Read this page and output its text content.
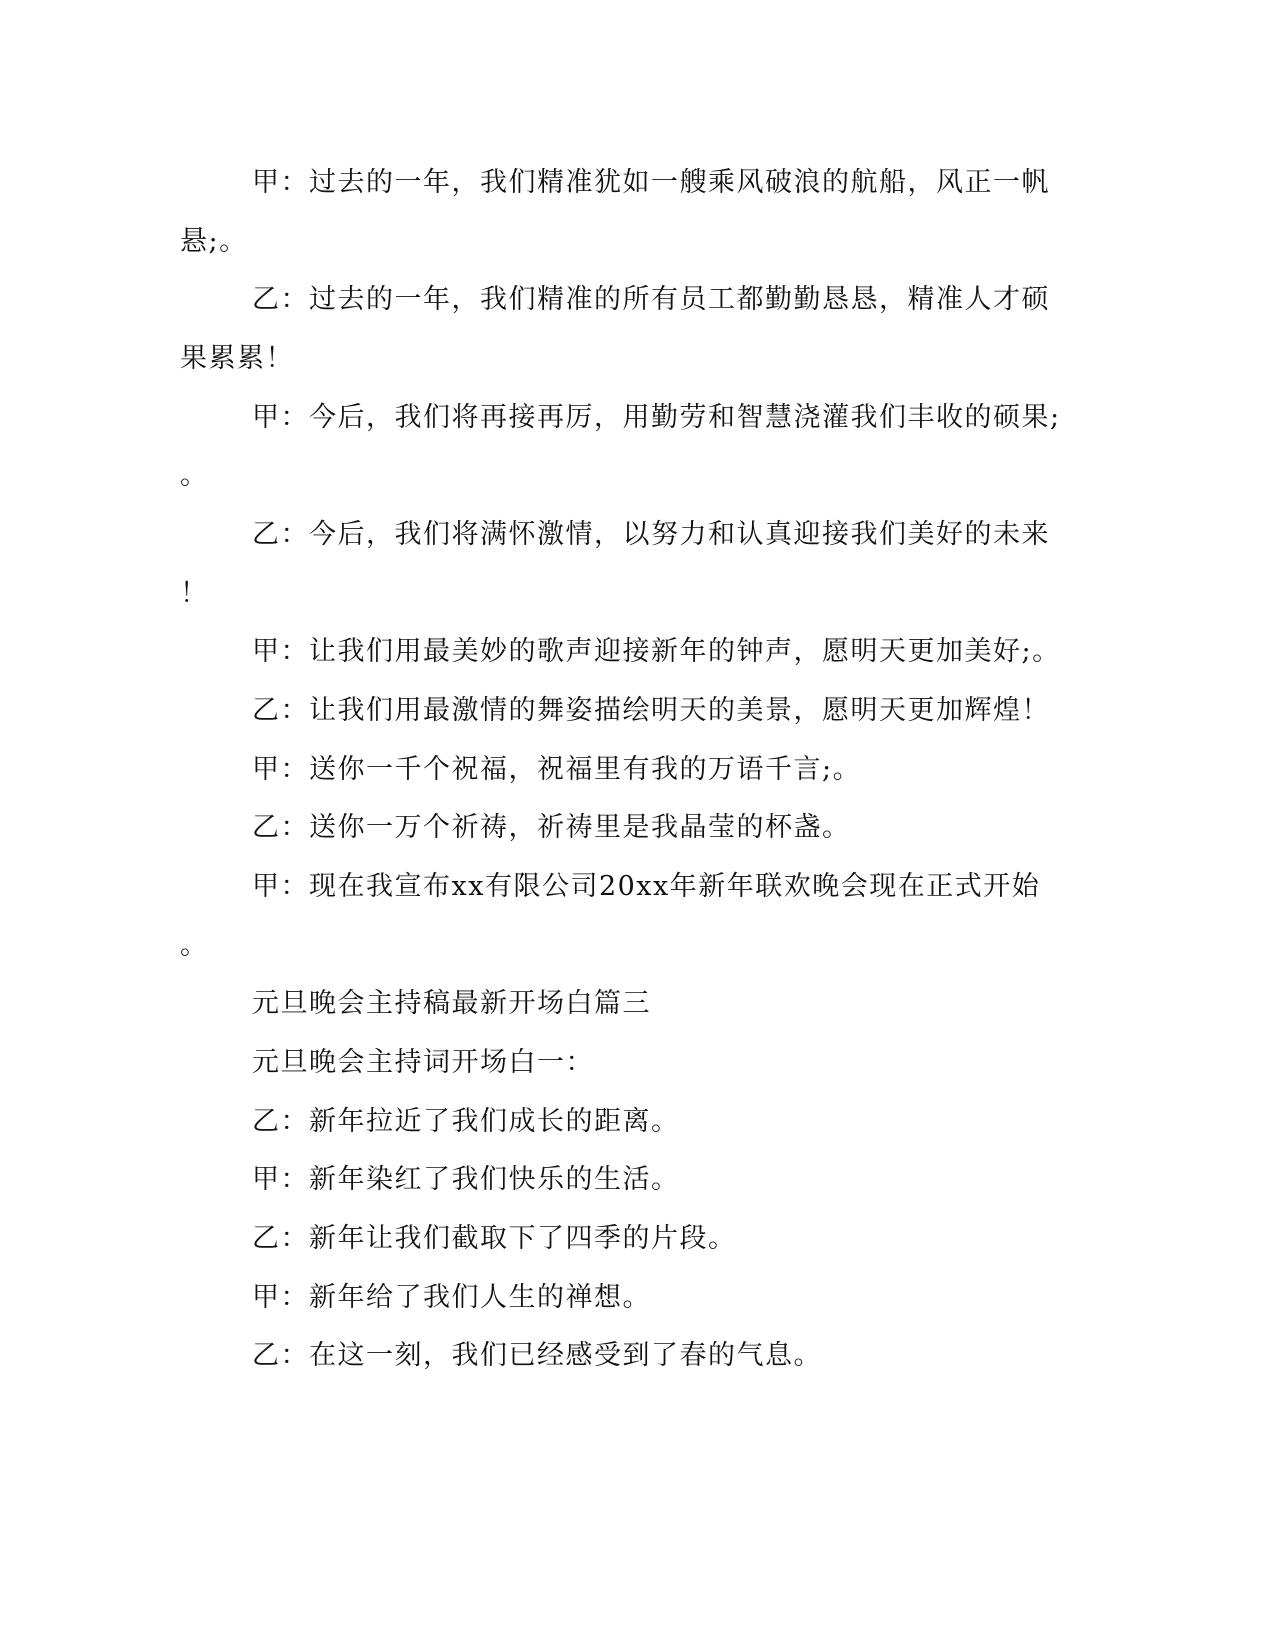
甲：过去的一年，我们精准犹如一艘乘风破浪的航船，风正一帆
悬;。
乙：过去的一年，我们精准的所有员工都勤勤恳恳，精准人才硕
果累累！
甲：今后，我们将再接再厉，用勤劳和智慧浇灌我们丰收的硕果;
。
乙：今后，我们将满怀激情，以努力和认真迎接我们美好的未来
！
甲：让我们用最美妙的歌声迎接新年的钟声，愿明天更加美好;。
乙：让我们用最激情的舞姿描绘明天的美景，愿明天更加辉煌！
甲：送你一千个祝福，祝福里有我的万语千言;。
乙：送你一万个祈祷，祈祷里是我晶莹的杯盏。
甲：现在我宣布xx有限公司20xx年新年联欢晚会现在正式开始
。
元旦晚会主持稿最新开场白篇三
元旦晚会主持词开场白一：
乙：新年拉近了我们成长的距离。
甲：新年染红了我们快乐的生活。
乙：新年让我们截取下了四季的片段。
甲：新年给了我们人生的禅想。
乙：在这一刻，我们已经感受到了春的气息。
